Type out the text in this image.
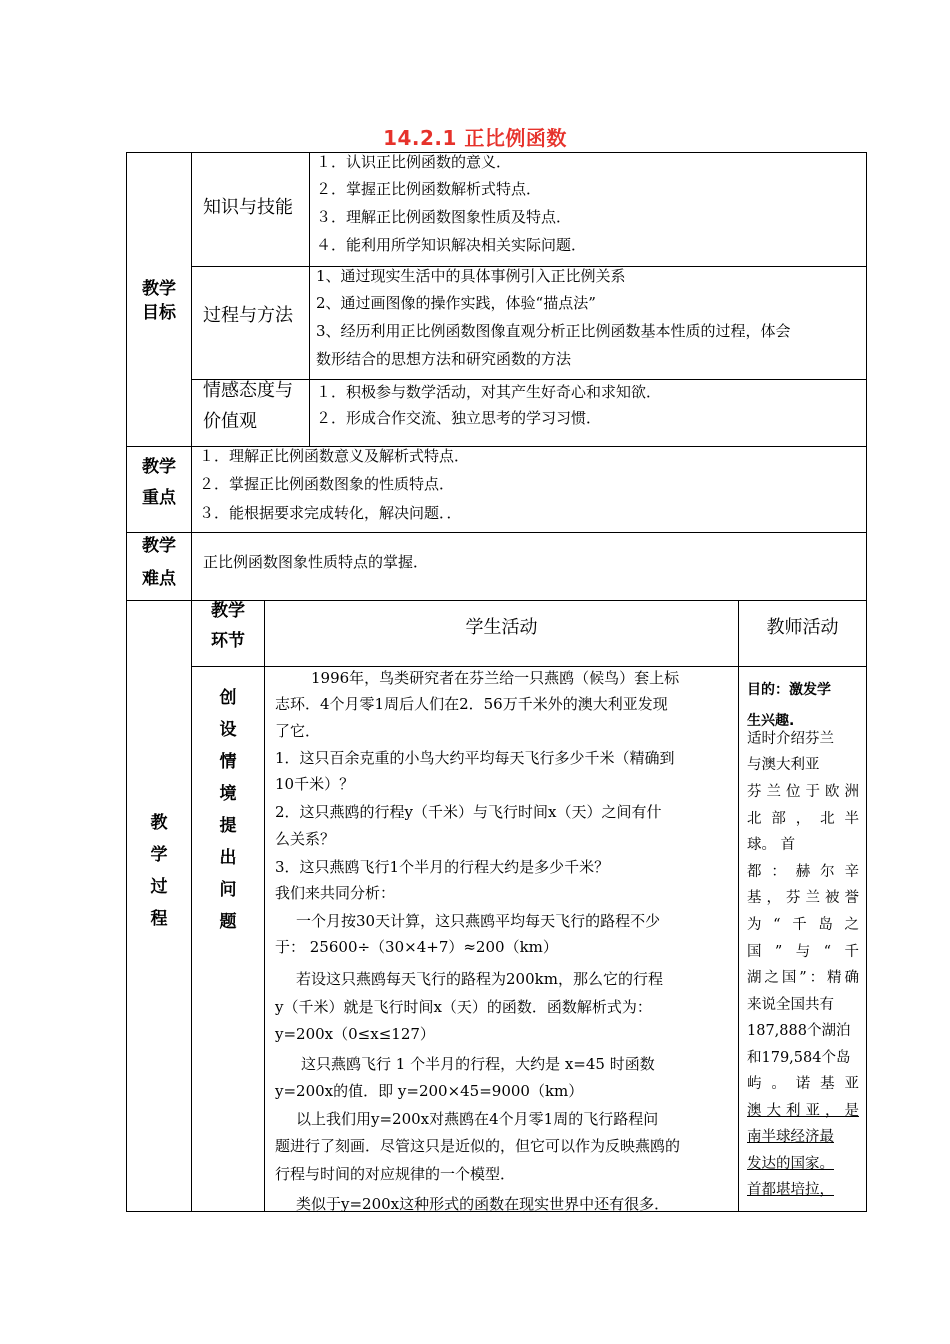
14.2.1 正比例函数
教学目标
知识与技能
１．认识正比例函数的意义．
２．掌握正比例函数解析式特点．
３．理解正比例函数图象性质及特点．
４．能利用所学知识解决相关实际问题．
过程与方法
1、通过现实生活中的具体事例引入正比例关系
2、通过画图像的操作实践，体验“描点法”
3、经历利用正比例函数图像直观分析正比例函数基本性质的过程，体会
数形结合的思想方法和研究函数的方法
情感态度与
价值观
１．积极参与数学活动，对其产生好奇心和求知欲．
２．形成合作交流、独立思考的学习习惯．
教学
重点
１．理解正比例函数意义及解析式特点．
２．掌握正比例函数图象的性质特点．
３．能根据要求完成转化，解决问题．．
教学
难点
正比例函数图象性质特点的掌握．
教
学
过
程
教学
环节
学生活动	教师活动
创
设
情
境
提
出
问
题
1996年，鸟类研究者在芬兰给一只燕鸥（候鸟）套上标
志环．4个月零1周后人们在2．56万千米外的澳大利亚发现
了它．
1．这只百余克重的小鸟大约平均每天飞行多少千米（精确到
10千米）？
2．这只燕鸥的行程y（千米）与飞行时间x（天）之间有什
么关系？
3．这只燕鸥飞行1个半月的行程大约是多少千米？
我们来共同分析：
一个月按30天计算，这只燕鸥平均每天飞行的路程不少
于： 25600÷（30×4+7）≈200（km）
若设这只燕鸥每天飞行的路程为200km，那么它的行程
y（千米）就是飞行时间x（天）的函数．函数解析式为：
y=200x（0≤x≤127）
这只燕鸥飞行 1 个半月的行程，大约是 x=45 时函数
y=200x的值．即 y=200×45=9000（km）
以上我们用y=200x对燕鸥在4个月零1周的飞行路程问
题进行了刻画．尽管这只是近似的，但它可以作为反映燕鸥的
行程与时间的对应规律的一个模型．
类似于y=200x这种形式的函数在现实世界中还有很多．
目的：激发学
生兴趣.
适时介绍芬兰
与澳大利亚
芬兰位于欧洲
北部，北半
球。 首
都：赫尔辛
基，芬兰被誉
为“千岛之
国”与“千
湖之国”：精确
来说全国共有
187,888个湖泊
和179,584个岛
屿。诺基亚
澳大利亚，是
南半球经济最
发达的国家。
首都堪培拉，
